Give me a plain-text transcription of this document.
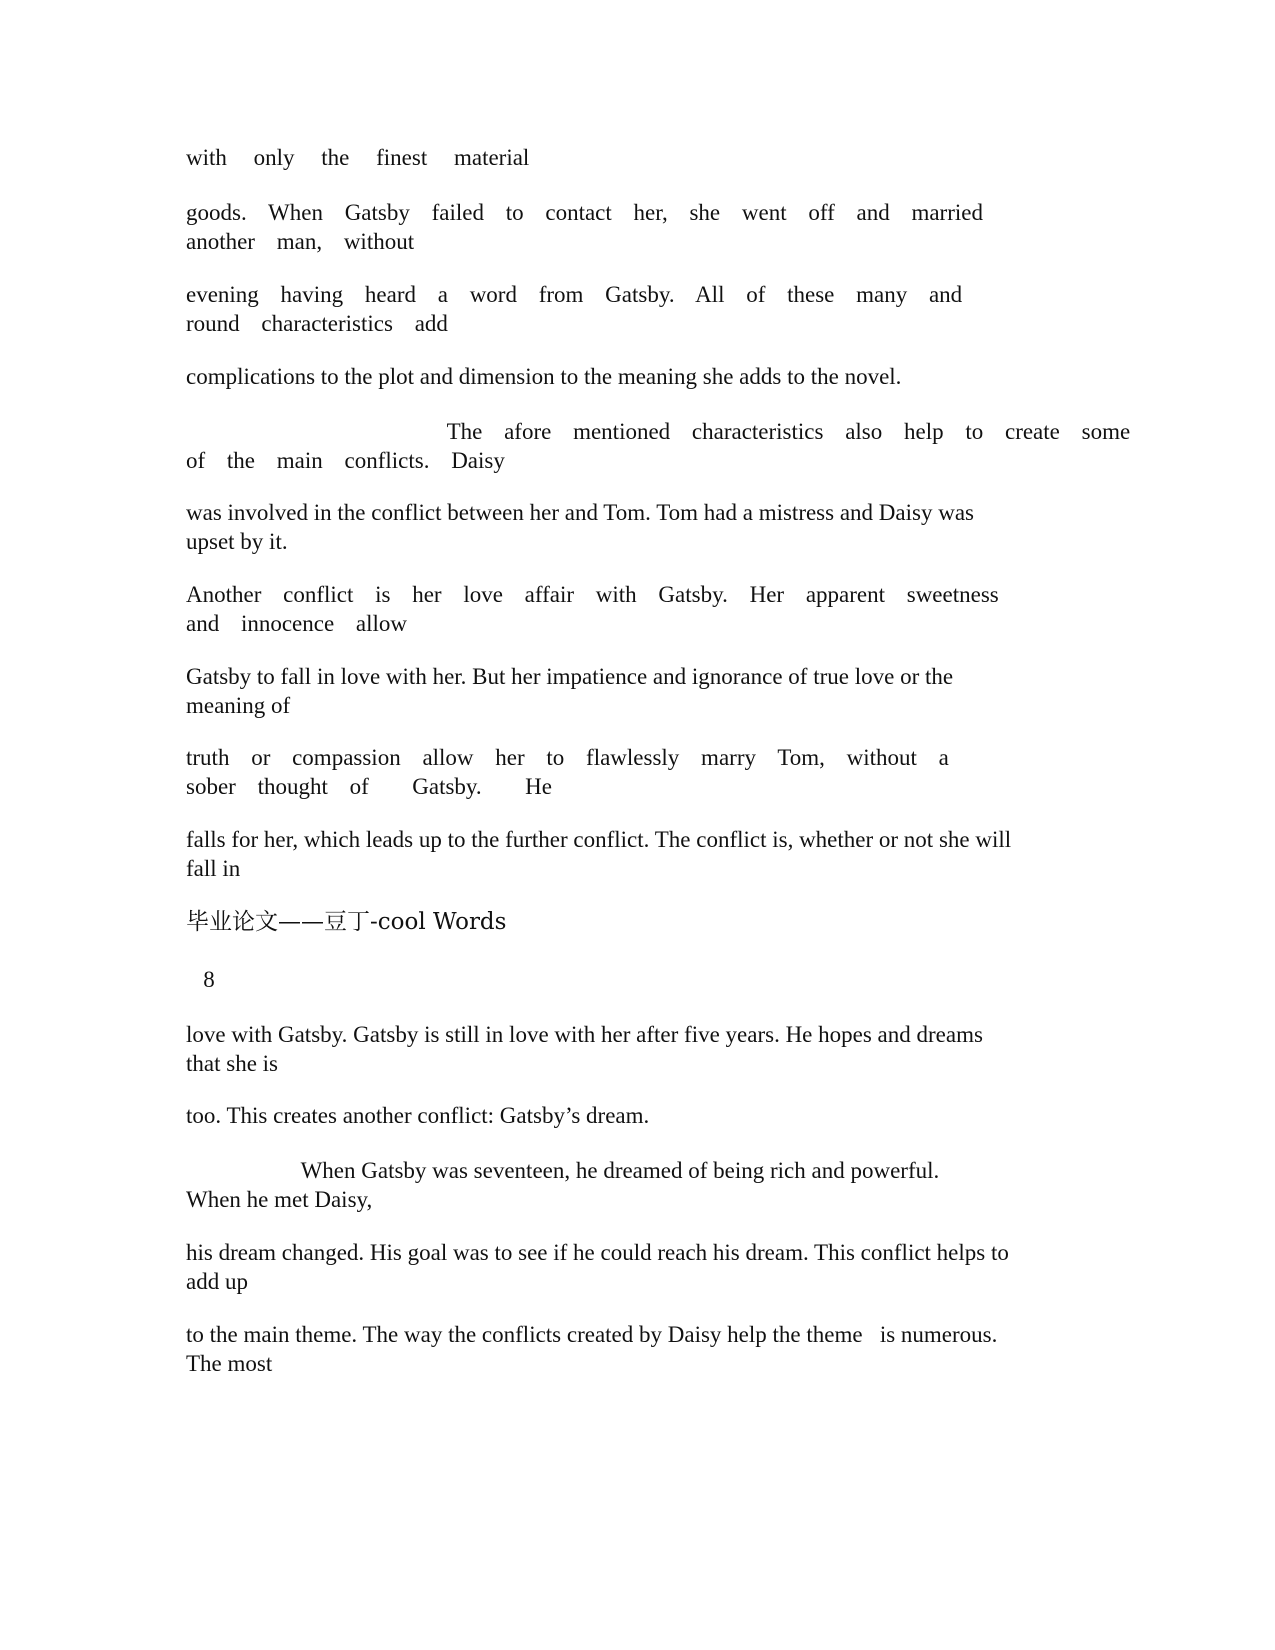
with only the finest material

goods. When Gatsby failed to contact her, she went off and married
another man, without

evening having heard a word from Gatsby. All of these many and
round characteristics add

complications to the plot and dimension to the meaning she adds to the novel.

The afore mentioned characteristics also help to create some
of the main conflicts. Daisy

was involved in the conflict between her and Tom. Tom had a mistress and Daisy was
upset by it.

Another conflict is her love affair with Gatsby. Her apparent sweetness
and innocence allow

Gatsby to fall in love with her. But her impatience and ignorance of true love or the
meaning of

truth or compassion allow her to flawlessly marry Tom, without a
sober thought of  Gatsby.  He

falls for her, which leads up to the further conflict. The conflict is, whether or not she will
fall in

毕业论文——豆丁-cool Words

8

love with Gatsby. Gatsby is still in love with her after five years. He hopes and dreams
that she is

too. This creates another conflict: Gatsby’s dream.

When Gatsby was seventeen, he dreamed of being rich and powerful.
When he met Daisy,

his dream changed. His goal was to see if he could reach his dream. This conflict helps to
add up

to the main theme. The way the conflicts created by Daisy help the theme   is numerous.
The most
